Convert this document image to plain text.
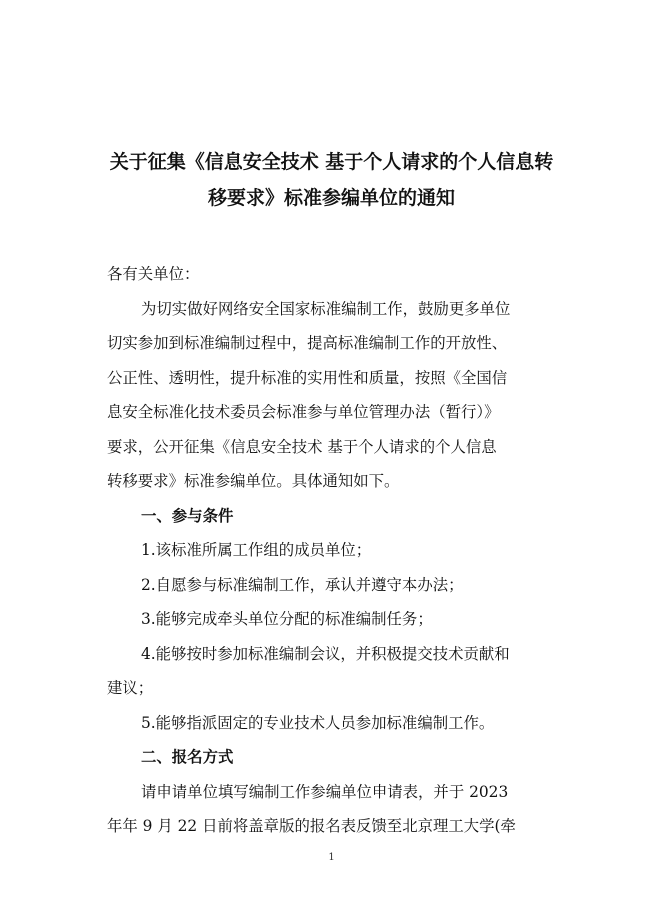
关于征集《信息安全技术 基于个人请求的个人信息转
移要求》标准参编单位的通知
各有关单位：
为切实做好网络安全国家标准编制工作，鼓励更多单位
切实参加到标准编制过程中，提高标准编制工作的开放性、
公正性、透明性，提升标准的实用性和质量，按照《全国信
息安全标准化技术委员会标准参与单位管理办法（暂行）》
要求，公开征集《信息安全技术 基于个人请求的个人信息
转移要求》标准参编单位。具体通知如下。
一、参与条件
1.该标准所属工作组的成员单位；
2.自愿参与标准编制工作，承认并遵守本办法；
3.能够完成牵头单位分配的标准编制任务；
4.能够按时参加标准编制会议，并积极提交技术贡献和
建议；
5.能够指派固定的专业技术人员参加标准编制工作。
二、报名方式
请申请单位填写编制工作参编单位申请表，并于 2023
年年 9 月 22 日前将盖章版的报名表反馈至北京理工大学(牵
1
